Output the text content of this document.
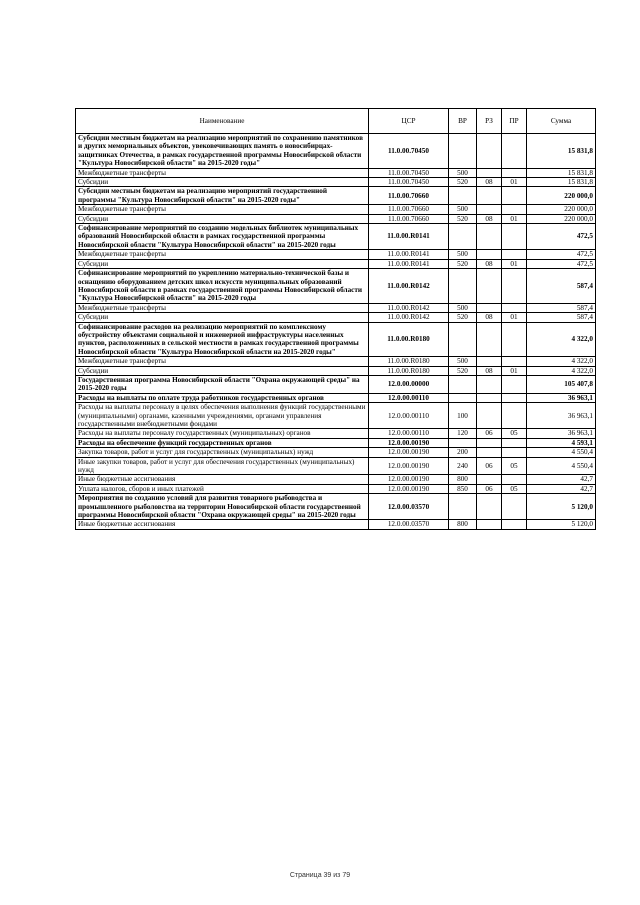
Наименование	ЦСР	ВР	РЗ	ПР	Сумма
Субсидии местным бюджетам на реализацию мероприятий по сохранению памятников и других мемориальных объектов, увековечивающих память о новосибирцах-защитниках Отечества, в рамках государственной программы Новосибирской области "Культура Новосибирской области" на 2015-2020 годы"	11.0.00.70450				15 831,8
Межбюджетные трансферты	11.0.00.70450	500			15 831,8
Субсидии	11.0.00.70450	520	08	01	15 831,8
Субсидии местным бюджетам на реализацию мероприятий государственной программы "Культура Новосибирской области" на 2015-2020 годы"	11.0.00.70660				220 000,0
Межбюджетные трансферты	11.0.00.70660	500			220 000,0
Субсидии	11.0.00.70660	520	08	01	220 000,0
Софинансирование мероприятий по созданию модельных библиотек муниципальных образований Новосибирской области в рамках государственной программы Новосибирской области "Культура Новосибирской области" на 2015-2020 годы	11.0.00.R0141				472,5
Межбюджетные трансферты	11.0.00.R0141	500			472,5
Субсидии	11.0.00.R0141	520	08	01	472,5
Софинансирование мероприятий по укреплению материально-технической базы и оснащению оборудованием детских школ искусств муниципальных образований Новосибирской области в рамках государственной программы Новосибирской области "Культура Новосибирской области" на 2015-2020 годы	11.0.00.R0142				587,4
Межбюджетные трансферты	11.0.00.R0142	500			587,4
Субсидии	11.0.00.R0142	520	08	01	587,4
Софинансирование расходов на реализацию мероприятий по комплексному обустройству объектами социальной и инженерной инфраструктуры населенных пунктов, расположенных в сельской местности в рамках государственной программы Новосибирской области "Культура Новосибирской области на 2015-2020 годы"	11.0.00.R0180				4 322,0
Межбюджетные трансферты	11.0.00.R0180	500			4 322,0
Субсидии	11.0.00.R0180	520	08	01	4 322,0
Государственная программа Новосибирской области "Охрана окружающей среды" на 2015-2020 годы	12.0.00.00000				105 407,8
Расходы на выплаты по оплате труда работников государственных органов	12.0.00.00110				36 963,1
Расходы на выплаты персоналу в целях обеспечения выполнения функций государственными (муниципальными) органами, казенными учреждениями, органами управления государственными внебюджетными фондами	12.0.00.00110	100			36 963,1
Расходы на выплаты персоналу государственных (муниципальных) органов	12.0.00.00110	120	06	05	36 963,1
Расходы на обеспечение функций государственных органов	12.0.00.00190				4 593,1
Закупка товаров, работ и услуг для государственных (муниципальных) нужд	12.0.00.00190	200			4 550,4
Иные закупки товаров, работ и услуг для обеспечения государственных (муниципальных) нужд	12.0.00.00190	240	06	05	4 550,4
Иные бюджетные ассигнования	12.0.00.00190	800			42,7
Уплата налогов, сборов и иных платежей	12.0.00.00190	850	06	05	42,7
Мероприятия по созданию условий для развития товарного рыбоводства и промышленного рыболовства на территории Новосибирской области государственной программы Новосибирской области "Охрана окружающей среды" на 2015-2020 годы	12.0.00.03570				5 120,0
Иные бюджетные ассигнования	12.0.00.03570	800			5 120,0
Страница 39 из 79
